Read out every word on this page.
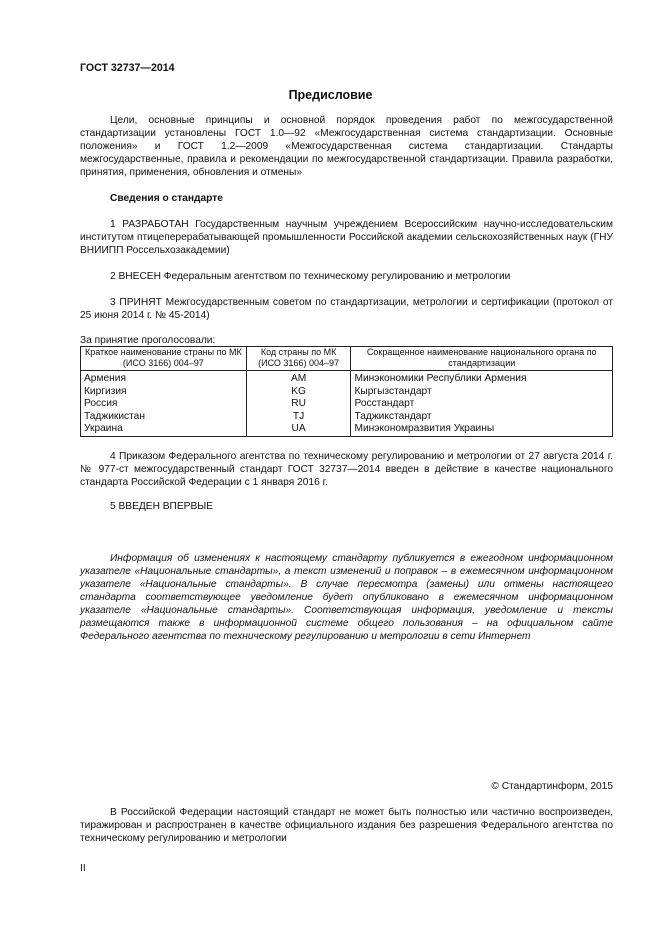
ГОСТ 32737—2014
Предисловие
Цели, основные принципы и основной порядок проведения работ по межгосударственной стандартизации установлены ГОСТ 1.0—92 «Межгосударственная система стандартизации. Основные положения» и ГОСТ 1.2—2009 «Межгосударственная система стандартизации. Стандарты межгосударственные, правила и рекомендации по межгосударственной стандартизации. Правила разработки, принятия, применения, обновления и отмены»
Сведения о стандарте
1 РАЗРАБОТАН Государственным научным учреждением Всероссийским научно-исследовательским институтом птицеперерабатывающей промышленности Российской академии сельскохозяйственных наук (ГНУ ВНИИПП Россельхозакадемии)
2 ВНЕСЕН Федеральным агентством по техническому регулированию и метрологии
3 ПРИНЯТ Межгосударственным советом по стандартизации, метрологии и сертификации (протокол от 25 июня 2014 г. № 45-2014)
За принятие проголосовали:
Краткое наименование страны по МК (ИСО 3166) 004–97	Код страны по МК (ИСО 3166) 004–97	Сокращенное наименование национального органа по стандартизации
Армения	AM	Минэкономики Республики Армения
Киргизия	KG	Кыргызстандарт
Россия	RU	Росстандарт
Таджикистан	TJ	Таджикстандарт
Украина	UA	Минэкономразвития Украины
4 Приказом Федерального агентства по техническому регулированию и метрологии от 27 августа 2014 г. № 977-ст межгосударственный стандарт ГОСТ 32737—2014 введен в действие в качестве национального стандарта Российской Федерации с 1 января 2016 г.
5 ВВЕДЕН ВПЕРВЫЕ
Информация об изменениях к настоящему стандарту публикуется в ежегодном информационном указателе «Национальные стандарты», а текст изменений и поправок – в ежемесячном информационном указателе «Национальные стандарты». В случае пересмотра (замены) или отмены настоящего стандарта соответствующее уведомление будет опубликовано в ежемесячном информационном указателе «Национальные стандарты». Соответствующая информация, уведомление и тексты размещаются также в информационной системе общего пользования – на официальном сайте Федерального агентства по техническому регулированию и метрологии в сети Интернет
© Стандартинформ, 2015
В Российской Федерации настоящий стандарт не может быть полностью или частично воспроизведен, тиражирован и распространен в качестве официального издания без разрешения Федерального агентства по техническому регулированию и метрологии
II
